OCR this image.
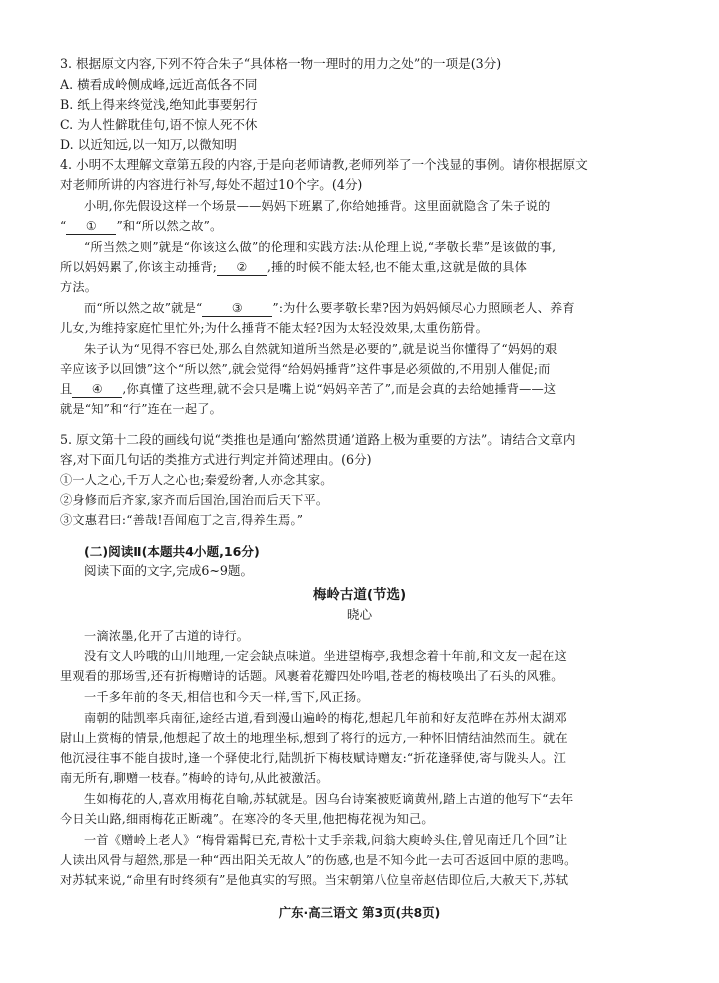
3. 根据原文内容,下列不符合朱子“具体格一物一理时的用力之处”的一项是(3分)
A. 横看成岭侧成峰,远近高低各不同
B. 纸上得来终觉浅,绝知此事要躬行
C. 为人性僻耽佳句,语不惊人死不休
D. 以近知远,以一知万,以微知明
4. 小明不太理解文章第五段的内容,于是向老师请教,老师列举了一个浅显的事例。请你根据原文
对老师所讲的内容进行补写,每处不超过10个字。(4分)
小明,你先假设这样一个场景——妈妈下班累了,你给她捶背。这里面就隐含了朱子说的
“ ① ”和“所以然之故”。
“所当然之则”就是“你该这么做”的伦理和实践方法:从伦理上说,“孝敬长辈”是该做的事,
所以妈妈累了,你该主动捶背; ② ,捶的时候不能太轻,也不能太重,这就是做的具体
方法。
而“所以然之故”就是“ ③ ”:为什么要孝敬长辈?因为妈妈倾尽心力照顾老人、养育
儿女,为维持家庭忙里忙外;为什么捶背不能太轻?因为太轻没效果,太重伤筋骨。
朱子认为“见得不容已处,那么自然就知道所当然是必要的”,就是说当你懂得了“妈妈的艰
辛应该予以回馈”这个“所以然”,就会觉得“给妈妈捶背”这件事是必须做的,不用别人催促;而
且 ④ ,你真懂了这些理,就不会只是嘴上说“妈妈辛苦了”,而是会真的去给她捶背——这
就是“知”和“行”连在一起了。
5. 原文第十二段的画线句说“类推也是通向‘豁然贯通’道路上极为重要的方法”。请结合文章内
容,对下面几句话的类推方式进行判定并简述理由。(6分)
①一人之心,千万人之心也;秦爱纷奢,人亦念其家。
②身修而后齐家,家齐而后国治,国治而后天下平。
③文惠君曰:“善哉!吾闻庖丁之言,得养生焉。”
(二)阅读Ⅱ(本题共4小题,16分)
阅读下面的文字,完成6~9题。
梅岭古道(节选)
晓心
一滴浓墨,化开了古道的诗行。
没有文人吟哦的山川地理,一定会缺点味道。坐进望梅亭,我想念着十年前,和文友一起在这
里观看的那场雪,还有折梅赠诗的话题。风裹着花瓣四处吟唱,苍老的梅枝唤出了石头的风雅。
一千多年前的冬天,相信也和今天一样,雪下,风正扬。
南朝的陆凯率兵南征,途经古道,看到漫山遍岭的梅花,想起几年前和好友范晔在苏州太湖邓
尉山上赏梅的情景,他想起了故土的地理坐标,想到了将行的远方,一种怀旧情结油然而生。就在
他沉浸往事不能自拔时,逢一个驿使北行,陆凯折下梅枝赋诗赠友:“折花逢驿使,寄与陇头人。江
南无所有,聊赠一枝春。”梅岭的诗句,从此被激活。
生如梅花的人,喜欢用梅花自喻,苏轼就是。因乌台诗案被贬谪黄州,踏上古道的他写下“去年
今日关山路,细雨梅花正断魂”。在寒冷的冬天里,他把梅花视为知己。
一首《赠岭上老人》“梅骨霜髯已充,青松十丈手亲栽,问翁大庾岭头住,曾见南迁几个回”让
人读出风骨与超然,那是一种“西出阳关无故人”的伤感,也是不知今此一去可否返回中原的悲鸣。
对苏轼来说,“命里有时终须有”是他真实的写照。当宋朝第八位皇帝赵佶即位后,大赦天下,苏轼
广东·高三语文 第3页(共8页)
